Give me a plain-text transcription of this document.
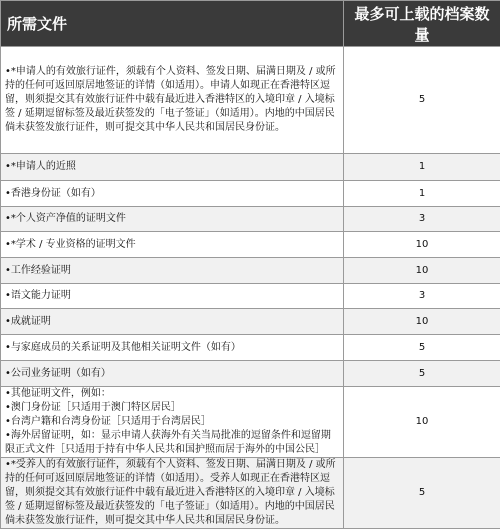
所需文件	最多可上载的档案数量

•*申请人的有效旅行证件，须载有个人资料、签发日期、届满日期及 / 或所持的任何可返回原居地签证的详情（如适用）。申请人如现正在香港特区逗留，则须提交其有效旅行证件中载有最近进入香港特区的入境印章 / 入境标签 / 延期逗留标签及最近获签发的「电子签证」（如适用）。内地的中国居民倘未获签发旅行证件，则可提交其中华人民共和国居民身份证。	5

•*申请人的近照	1

•香港身份证（如有）	1

•*个人资产净值的证明文件	3

•*学术 / 专业资格的证明文件	10

•工作经验证明	10

•语文能力证明	3

•成就证明	10

•与家庭成员的关系证明及其他相关证明文件（如有）	5

•公司业务证明（如有）	5

•其他证明文件，例如：
•澳门身份证［只适用于澳门特区居民］
•台湾户籍和台湾身份证［只适用于台湾居民］
•海外居留证明，如：显示申请人获海外有关当局批准的逗留条件和逗留期限正式文件［只适用于持有中华人民共和国护照而居于海外的中国公民］	10

•*受养人的有效旅行证件，须载有个人资料、签发日期、届满日期及 / 或所持的任何可返回原居地签证的详情（如适用）。受养人如现正在香港特区逗留，则须提交其有效旅行证件中载有最近进入香港特区的入境印章 / 入境标签 / 延期逗留标签及最近获签发的「电子签证」（如适用）。内地的中国居民倘未获签发旅行证件，则可提交其中华人民共和国居民身份证。	5
